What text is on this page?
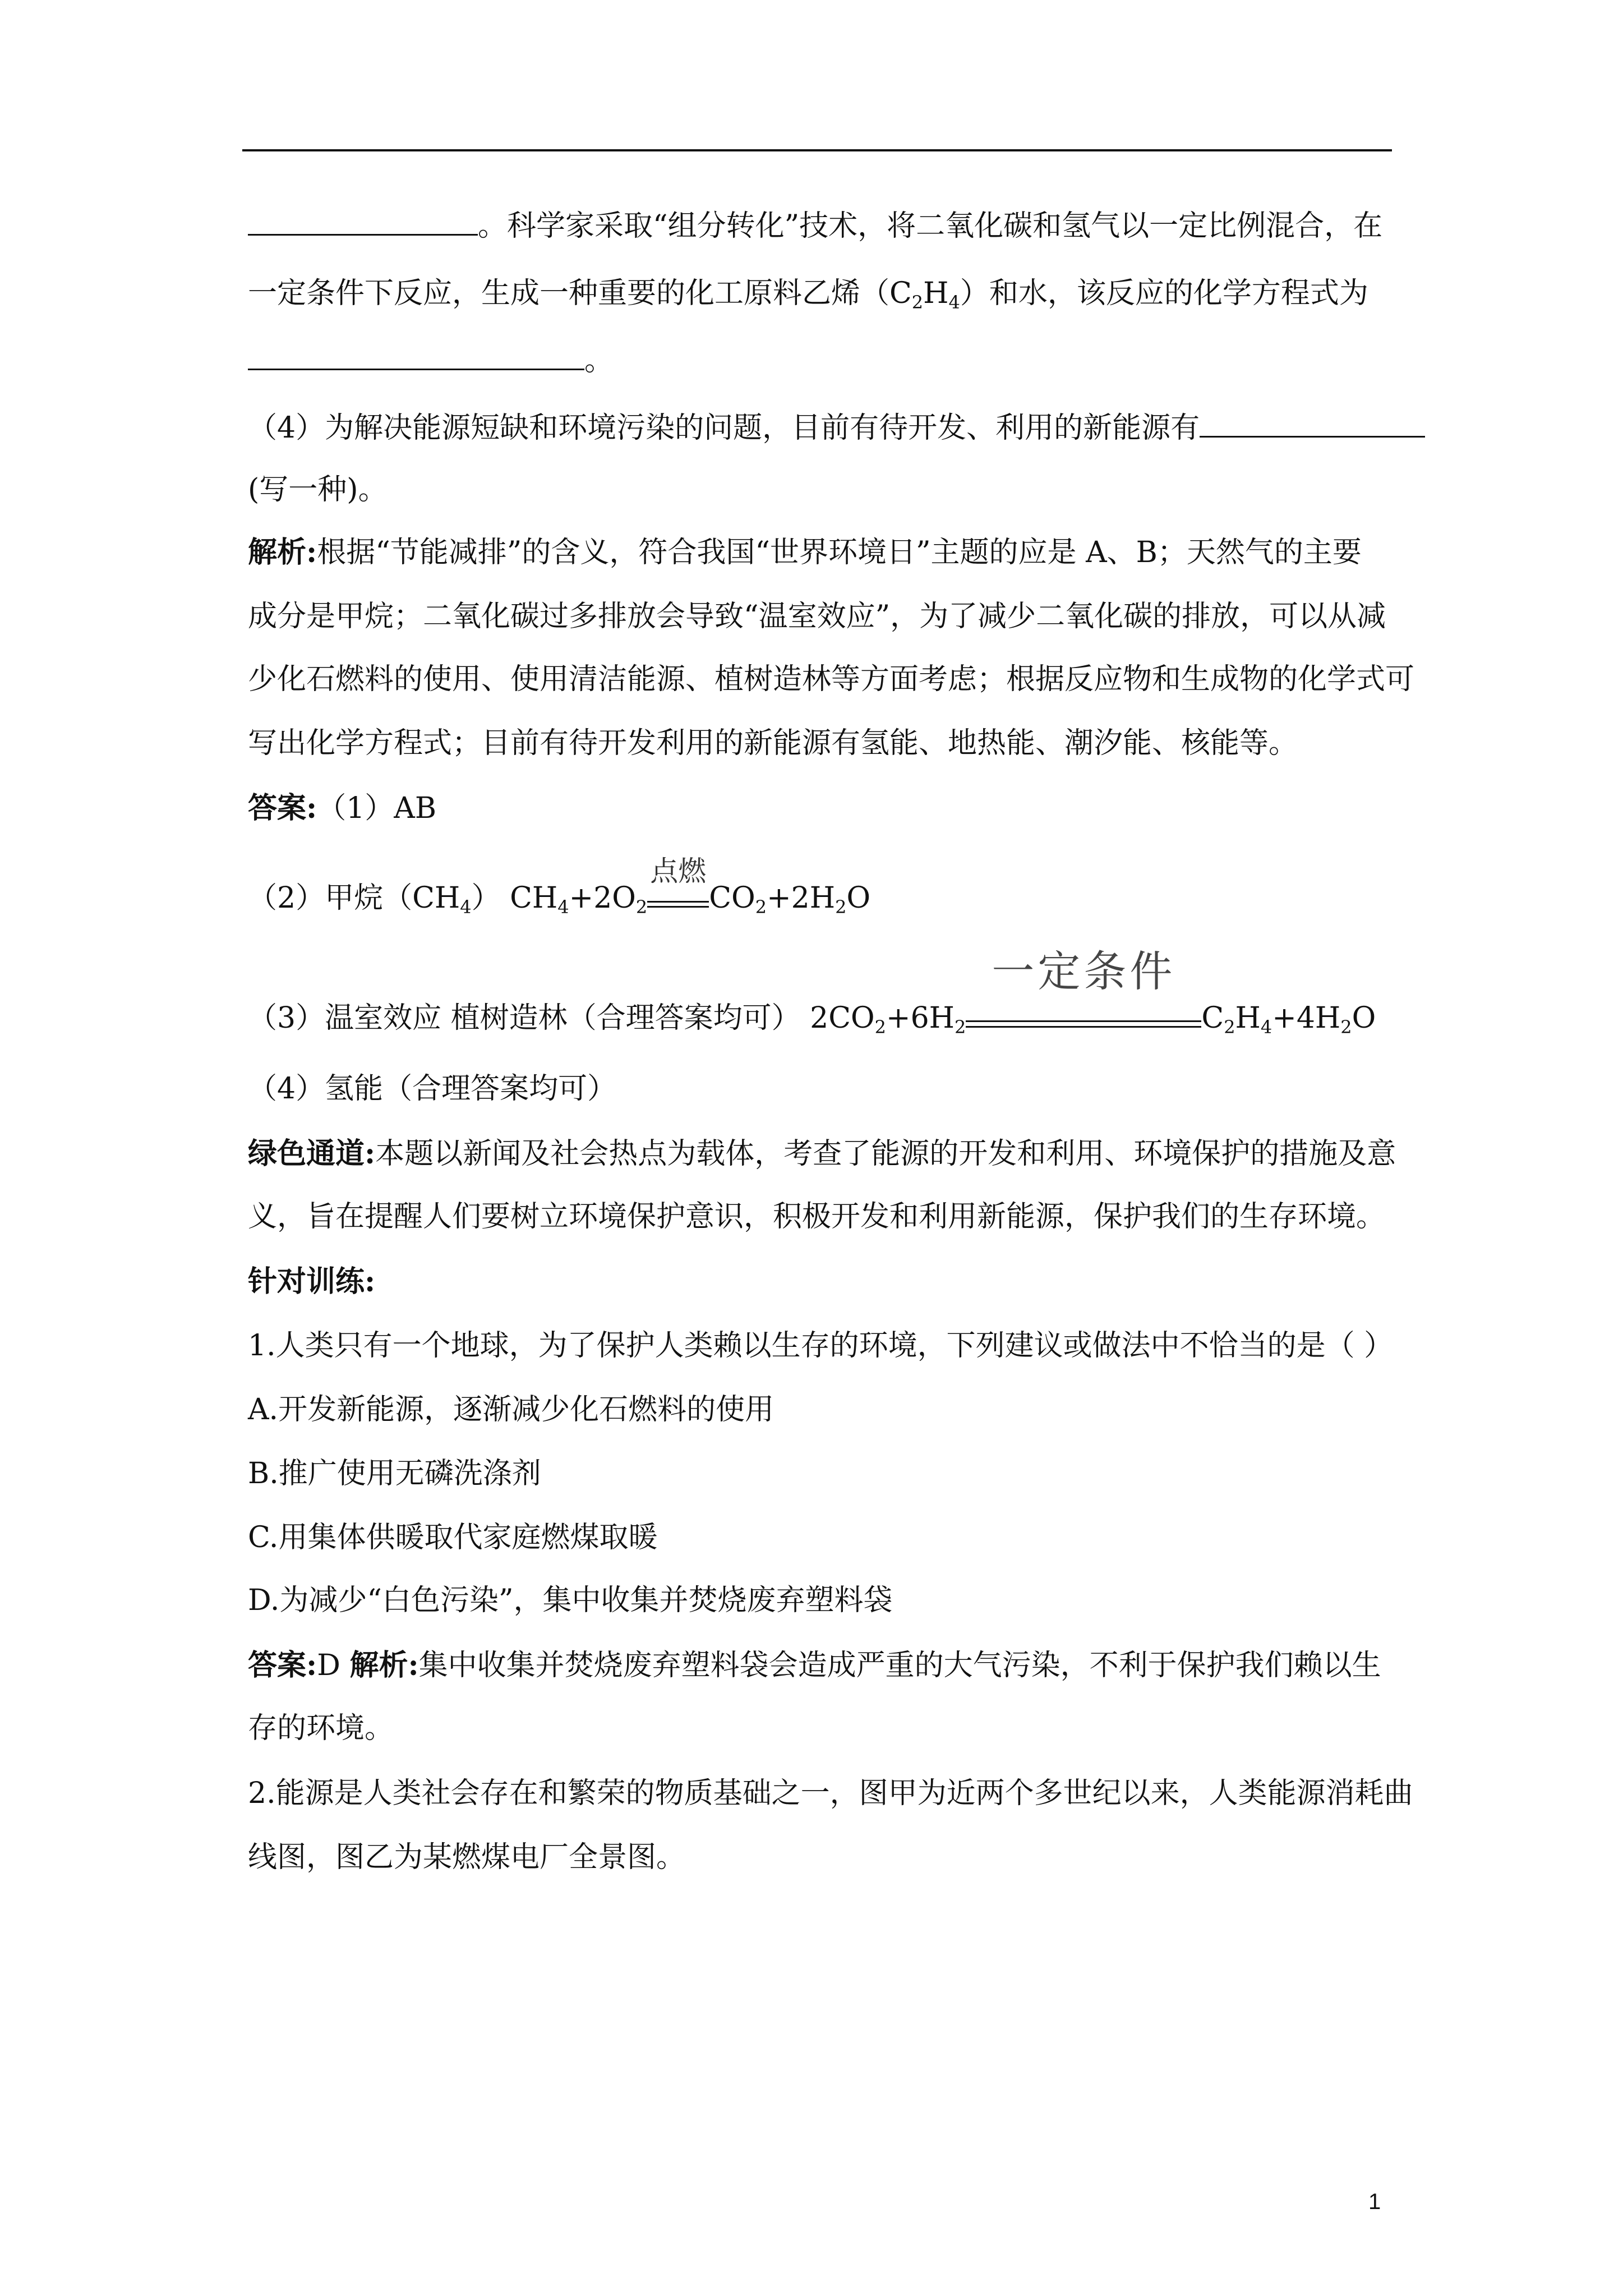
。科学家采取“组分转化”技术，将二氧化碳和氢气以一定比例混合，在
一定条件下反应，生成一种重要的化工原料乙烯$(C_2H_4)$和水，该反应的化学方程式为
。
（4）为解决能源短缺和环境污染的问题，目前有待开发、利用的新能源有
(写一种)。
解析:根据“节能减排”的含义，符合我国“世界环境日”主题的应是 A、B；天然气的主要
成分是甲烷；二氧化碳过多排放会导致“温室效应”，为了减少二氧化碳的排放，可以从减
少化石燃料的使用、使用清洁能源、植树造林等方面考虑；根据反应物和生成物的化学式可
写出化学方程式；目前有待开发利用的新能源有氢能、地热能、潮汐能、核能等。
答案:（1）AB
（2）甲烷$(CH_4)$ $CH_4+2O_2$
点燃
$CO_2+2H_2O$
（3）温室效应 植树造林（合理答案均可） $2CO_2+6H_2$
一定条件
$C_2H_4+4H_2O$
（4）氢能（合理答案均可）
绿色通道:本题以新闻及社会热点为载体，考查了能源的开发和利用、环境保护的措施及意
义，旨在提醒人们要树立环境保护意识，积极开发和利用新能源，保护我们的生存环境。
针对训练:
1.人类只有一个地球，为了保护人类赖以生存的环境，下列建议或做法中不恰当的是（ ）
A.开发新能源，逐渐减少化石燃料的使用
B.推广使用无磷洗涤剂
C.用集体供暖取代家庭燃煤取暖
D.为减少“白色污染”，集中收集并焚烧废弃塑料袋
答案:D 解析:集中收集并焚烧废弃塑料袋会造成严重的大气污染，不利于保护我们赖以生
存的环境。
2.能源是人类社会存在和繁荣的物质基础之一，图甲为近两个多世纪以来，人类能源消耗曲
线图，图乙为某燃煤电厂全景图。
1
